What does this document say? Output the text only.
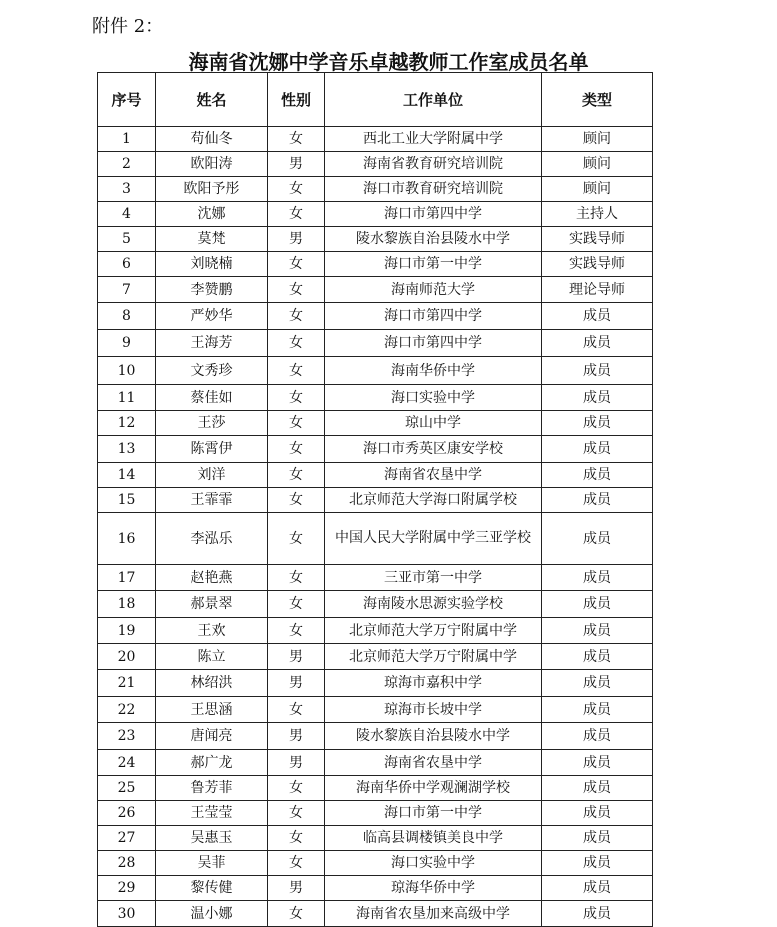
附件 2：
海南省沈娜中学音乐卓越教师工作室成员名单
序号	姓名	性别	工作单位	类型
1	苟仙冬	女	西北工业大学附属中学	顾问
2	欧阳涛	男	海南省教育研究培训院	顾问
3	欧阳予彤	女	海口市教育研究培训院	顾问
4	沈娜	女	海口市第四中学	主持人
5	莫梵	男	陵水黎族自治县陵水中学	实践导师
6	刘晓楠	女	海口市第一中学	实践导师
7	李赞鹏	女	海南师范大学	理论导师
8	严妙华	女	海口市第四中学	成员
9	王海芳	女	海口市第四中学	成员
10	文秀珍	女	海南华侨中学	成员
11	蔡佳如	女	海口实验中学	成员
12	王莎	女	琼山中学	成员
13	陈霄伊	女	海口市秀英区康安学校	成员
14	刘洋	女	海南省农垦中学	成员
15	王霏霏	女	北京师范大学海口附属学校	成员
16	李泓乐	女	中国人民大学附属中学三亚学校	成员
17	赵艳燕	女	三亚市第一中学	成员
18	郝景翠	女	海南陵水思源实验学校	成员
19	王欢	女	北京师范大学万宁附属中学	成员
20	陈立	男	北京师范大学万宁附属中学	成员
21	林绍洪	男	琼海市嘉积中学	成员
22	王思涵	女	琼海市长坡中学	成员
23	唐闻亮	男	陵水黎族自治县陵水中学	成员
24	郝广龙	男	海南省农垦中学	成员
25	鲁芳菲	女	海南华侨中学观澜湖学校	成员
26	王莹莹	女	海口市第一中学	成员
27	吴惠玉	女	临高县调楼镇美良中学	成员
28	吴菲	女	海口实验中学	成员
29	黎传健	男	琼海华侨中学	成员
30	温小娜	女	海南省农垦加来高级中学	成员
